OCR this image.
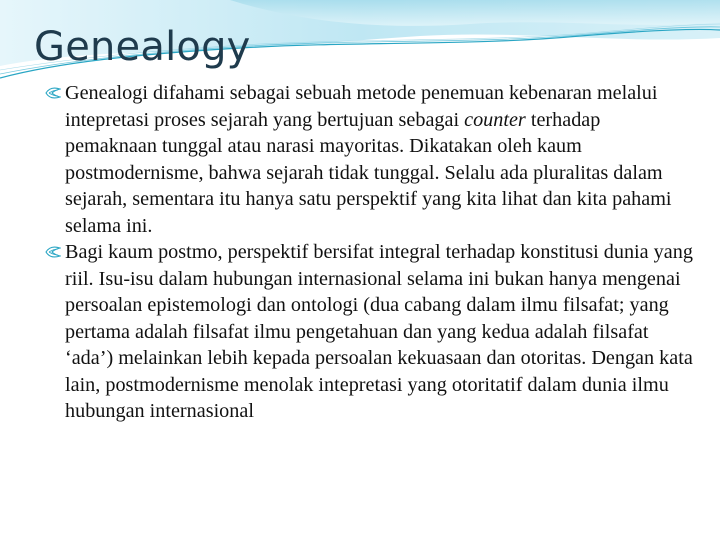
Genealogy

Genealogi difahami sebagai sebuah metode penemuan kebenaran melalui intepretasi proses sejarah yang bertujuan sebagai counter terhadap pemaknaan tunggal atau narasi mayoritas. Dikatakan oleh kaum postmodernisme, bahwa sejarah tidak tunggal. Selalu ada pluralitas dalam sejarah, sementara itu hanya satu perspektif yang kita lihat dan kita pahami selama ini.

Bagi kaum postmo, perspektif bersifat integral terhadap konstitusi dunia yang riil. Isu-isu dalam hubungan internasional selama ini bukan hanya mengenai persoalan epistemologi dan ontologi (dua cabang dalam ilmu filsafat; yang pertama adalah filsafat ilmu pengetahuan dan yang kedua adalah filsafat ‘ada’) melainkan lebih kepada persoalan kekuasaan dan otoritas. Dengan kata lain, postmodernisme menolak intepretasi yang otoritatif dalam dunia ilmu hubungan internasional
